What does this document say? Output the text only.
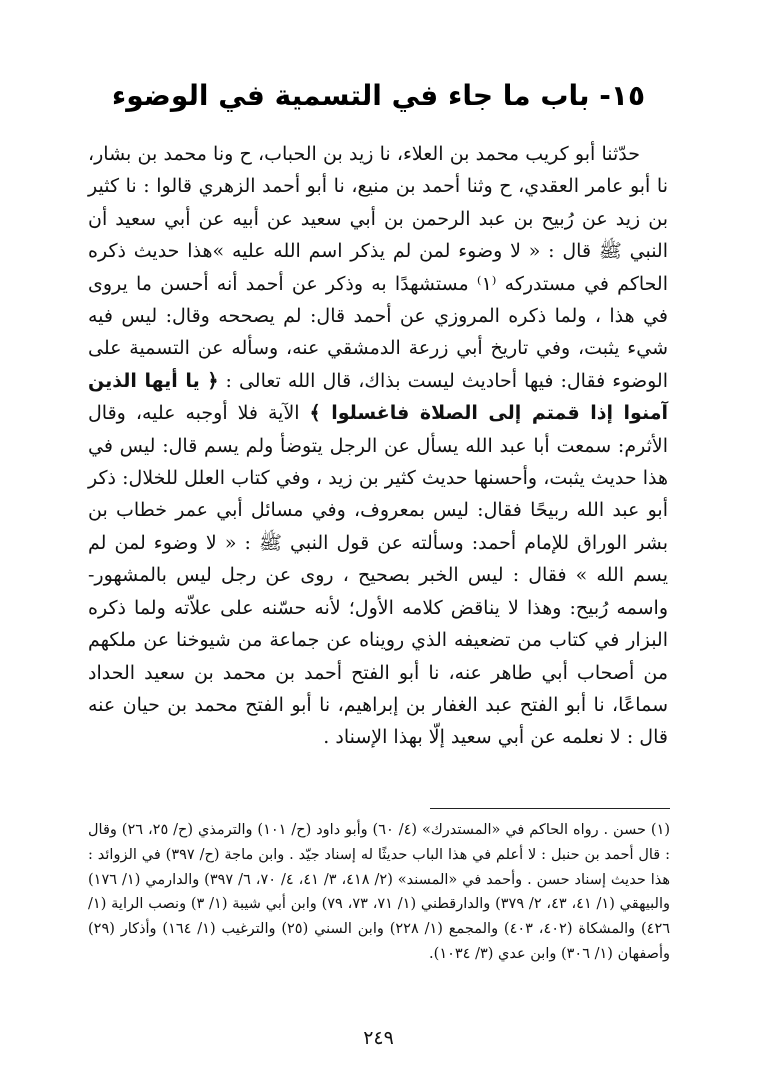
١٥- باب ما جاء في التسمية في الوضوء

حدّثنا أبو كريب محمد بن العلاء، نا زيد بن الحباب، ح ونا محمد بن بشار، نا أبو عامر العقدي، ح وثنا أحمد بن منيع، نا أبو أحمد الزهري قالوا : نا كثير بن زيد عن رُبيح بن عبد الرحمن بن أبي سعيد عن أبيه عن أبي سعيد أن النبي ﷺ قال : « لا وضوء لمن لم يذكر اسم الله عليه »هذا حديث ذكره الحاكم في مستدركه ⁽١⁾ مستشهدًا به وذكر عن أحمد أنه أحسن ما يروى في هذا ، ولما ذكره المروزي عن أحمد قال: لم يصححه وقال: ليس فيه شيء يثبت، وفي تاريخ أبي زرعة الدمشقي عنه، وسأله عن التسمية على الوضوء فقال: فيها أحاديث ليست بذاك، قال الله تعالى : ﴿ يا أيها الذين آمنوا إذا قمتم إلى الصلاة فاغسلوا ﴾ الآية فلا أوجبه عليه، وقال الأثرم: سمعت أبا عبد الله يسأل عن الرجل يتوضأ ولم يسم قال: ليس في هذا حديث يثبت، وأحسنها حديث كثير بن زيد ، وفي كتاب العلل للخلال: ذكر أبو عبد الله ربيحًا فقال: ليس بمعروف، وفي مسائل أبي عمر خطاب بن بشر الوراق للإمام أحمد: وسألته عن قول النبي ﷺ : « لا وضوء لمن لم يسم الله » فقال : ليس الخبر بصحيح ، روى عن رجل ليس بالمشهور- واسمه رُبيح: وهذا لا يناقض كلامه الأول؛ لأنه حسّنه على علاّته ولما ذكره البزار في كتاب من تضعيفه الذي رويناه عن جماعة من شيوخنا عن ملكهم من أصحاب أبي طاهر عنه، نا أبو الفتح أحمد بن محمد بن سعيد الحداد سماعًا، نا أبو الفتح عبد الغفار بن إبراهيم، نا أبو الفتح محمد بن حيان عنه قال : لا نعلمه عن أبي سعيد إلّا بهذا الإسناد .

(١) حسن . رواه الحاكم في «المستدرك» (٤/ ٦٠) وأبو داود (ح/ ١٠١) والترمذي (ح/ ٢٥، ٢٦) وقال : قال أحمد بن حنبل : لا أعلم في هذا الباب حديثًا له إسناد جيّد . وابن ماجة (ح/ ٣٩٧) في الزوائد : هذا حديث إسناد حسن . وأحمد في «المسند» (٢/ ٤١٨، ٣/ ٤١، ٤/ ٧٠، ٦/ ٣٩٧) والدارمي (١/ ١٧٦) والبيهقي (١/ ٤١، ٤٣، ٢/ ٣٧٩) والدارقطني (١/ ٧١، ٧٣، ٧٩) وابن أبي شيبة (١/ ٣) ونصب الراية (١/ ٤٢٦) والمشكاة (٤٠٢، ٤٠٣) والمجمع (١/ ٢٢٨) وابن السني (٢٥) والترغيب (١/ ١٦٤) وأذكار (٢٩) وأصفهان (١/ ٣٠٦) وابن عدي (٣/ ١٠٣٤).

٢٤٩
